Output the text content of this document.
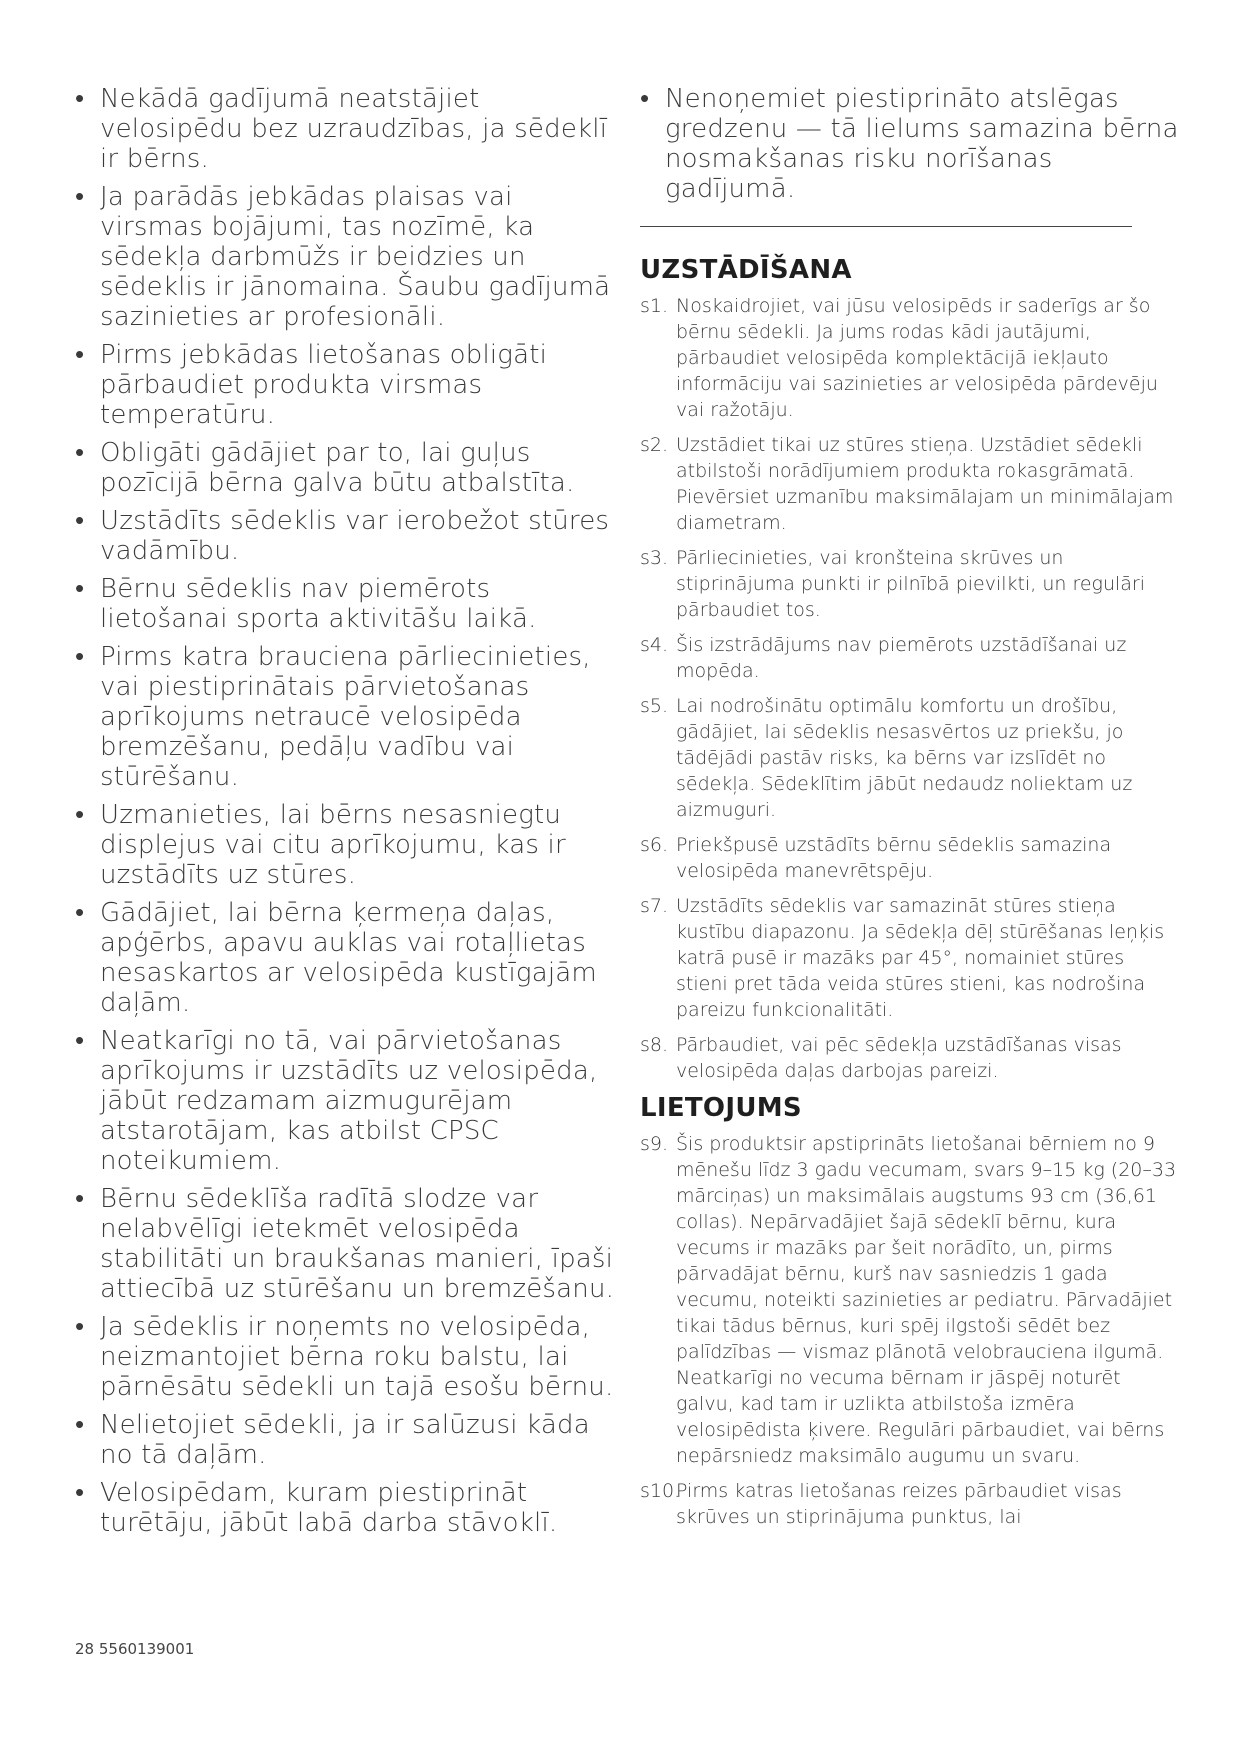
• Nekādā gadījumā neatstājiet velosipēdu bez uzraudzības, ja sēdeklī ir bērns.
• Ja parādās jebkādas plaisas vai virsmas bojājumi, tas nozīmē, ka sēdekļa darbmūžs ir beidzies un sēdeklis ir jānomaina. Šaubu gadījumā sazinieties ar profesionāli.
• Pirms jebkādas lietošanas obligāti pārbaudiet produkta virsmas temperatūru.
• Obligāti gādājiet par to, lai guļus pozīcijā bērna galva būtu atbalstīta.
• Uzstādīts sēdeklis var ierobežot stūres vadāmību.
• Bērnu sēdeklis nav piemērots lietošanai sporta aktivitāšu laikā.
• Pirms katra brauciena pārliecinieties, vai piestiprinātais pārvietošanas aprīkojums netraucē velosipēda bremzēšanu, pedāļu vadību vai stūrēšanu.
• Uzmanieties, lai bērns nesasniegtu displejus vai citu aprīkojumu, kas ir uzstādīts uz stūres.
• Gādājiet, lai bērna ķermeņa daļas, apģērbs, apavu auklas vai rotaļlietas nesaskartos ar velosipēda kustīgajām daļām.
• Neatkarīgi no tā, vai pārvietošanas aprīkojums ir uzstādīts uz velosipēda, jābūt redzamam aizmugurējam atstarotājam, kas atbilst CPSC noteikumiem.
• Bērnu sēdeklīša radītā slodze var nelabvēlīgi ietekmēt velosipēda stabilitāti un braukšanas manieri, īpaši attiecībā uz stūrēšanu un bremzēšanu.
• Ja sēdeklis ir noņemts no velosipēda, neizmantojiet bērna roku balstu, lai pārnēsātu sēdekli un tajā esošu bērnu.
• Nelietojiet sēdekli, ja ir salūzusi kāda no tā daļām.
• Velosipēdam, kuram piestiprināt turētāju, jābūt labā darba stāvoklī.
• Nenoņemiet piestiprināto atslēgas gredzenu — tā lielums samazina bērna nosmakšanas risku norīšanas gadījumā.
UZSTĀDĪŠANA
s1. Noskaidrojiet, vai jūsu velosipēds ir saderīgs ar šo bērnu sēdekli. Ja jums rodas kādi jautājumi, pārbaudiet velosipēda komplektācijā iekļauto informāciju vai sazinieties ar velosipēda pārdevēju vai ražotāju.
s2. Uzstādiet tikai uz stūres stieņa. Uzstādiet sēdekli atbilstoši norādījumiem produkta rokasgrāmatā. Pievērsiet uzmanību maksimālajam un minimālajam diametram.
s3. Pārliecinieties, vai kronšteina skrūves un stiprinājuma punkti ir pilnībā pievilkti, un regulāri pārbaudiet tos.
s4. Šis izstrādājums nav piemērots uzstādīšanai uz mopēda.
s5. Lai nodrošinātu optimālu komfortu un drošību, gādājiet, lai sēdeklis nesasvērtos uz priekšu, jo tādējādi pastāv risks, ka bērns var izslīdēt no sēdekļa. Sēdeklītim jābūt nedaudz noliektam uz aizmuguri.
s6. Priekšpusē uzstādīts bērnu sēdeklis samazina velosipēda manevrētspēju.
s7. Uzstādīts sēdeklis var samazināt stūres stieņa kustību diapazonu. Ja sēdekļa dēļ stūrēšanas leņķis katrā pusē ir mazāks par 45°, nomainiet stūres stieni pret tāda veida stūres stieni, kas nodrošina pareizu funkcionalitāti.
s8. Pārbaudiet, vai pēc sēdekļa uzstādīšanas visas velosipēda daļas darbojas pareizi.
LIETOJUMS
s9. Šis produktsir apstiprināts lietošanai bērniem no 9 mēnešu līdz 3 gadu vecumam, svars 9–15 kg (20–33 mārciņas) un maksimālais augstums 93 cm (36,61 collas). Nepārvadājiet šajā sēdeklī bērnu, kura vecums ir mazāks par šeit norādīto, un, pirms pārvadājat bērnu, kurš nav sasniedzis 1 gada vecumu, noteikti sazinieties ar pediatru. Pārvadājiet tikai tādus bērnus, kuri spēj ilgstoši sēdēt bez palīdzības — vismaz plānotā velobrauciena ilgumā. Neatkarīgi no vecuma bērnam ir jāspēj noturēt galvu, kad tam ir uzlikta atbilstoša izmēra velosipēdista ķivere. Regulāri pārbaudiet, vai bērns nepārsniedz maksimālo augumu un svaru.
s10.
Pirms katras lietošanas reizes pārbaudiet visas skrūves un stiprinājuma punktus, lai
28 5560139001
